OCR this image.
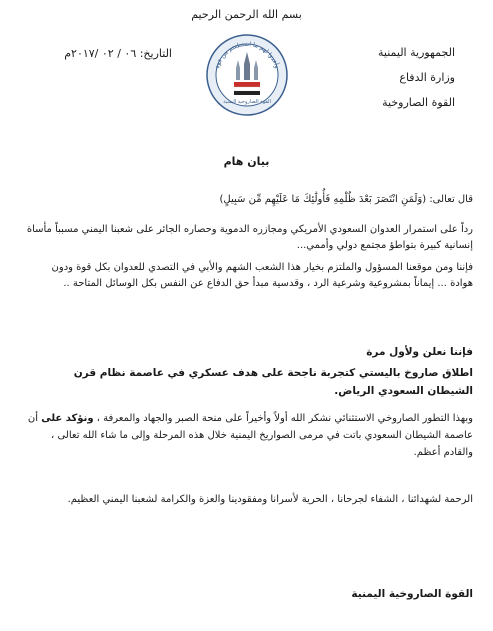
بسم الله الرحمن الرحيم
الجمهورية اليمنية
وزارة الدفاع
القوة الصاروخية
التاريخ: ٠٦ / ٠٢ /٢٠١٧م
وأعدوا لهم ما استطعتم من قوة
القوة الصاروخية اليمنية
بيان هام
قال تعالى: (وَلَمَنِ انْتَصَرَ بَعْدَ ظُلْمِهِ فَأُولَٰئِكَ مَا عَلَيْهِم مِّن سَبِيلٍ)
رداً على استمرار العدوان السعودي الأمريكي ومجازره الدموية وحصاره الجائر على شعبنا اليمني مسبباً مأساة إنسانية كبيرة بتواطؤ مجتمع دولي وأممي...
فإننا ومن موقعنا المسؤول والملتزم بخيار هذا الشعب الشهم والأبي في التصدي للعدوان بكل قوة ودون هوادة ... إيماناً بمشروعية وشرعية الرد ، وقدسية مبدأ حق الدفاع عن النفس بكل الوسائل المتاحة ..
فإننا نعلن ولأول مرة
اطلاق صاروخ باليستي كتجربة ناجحة على هدف عسكري في عاصمة نظام قرن الشيطان السعودي الرياض.
وبهذا التطور الصاروخي الاستثنائي نشكر الله أولاً وأخيراً على منحة الصبر والجهاد والمعرفة ، ونؤكد على أن عاصمة الشيطان السعودي باتت في مرمى الصواريخ اليمنية خلال هذه المرحلة وإلى ما شاء الله تعالى ، والقادم أعظم.
الرحمة لشهدائنا ، الشفاء لجرحانا ، الحرية لأسرانا ومفقودينا والعزة والكرامة لشعبنا اليمني العظيم.
القوة الصاروخية اليمنية
